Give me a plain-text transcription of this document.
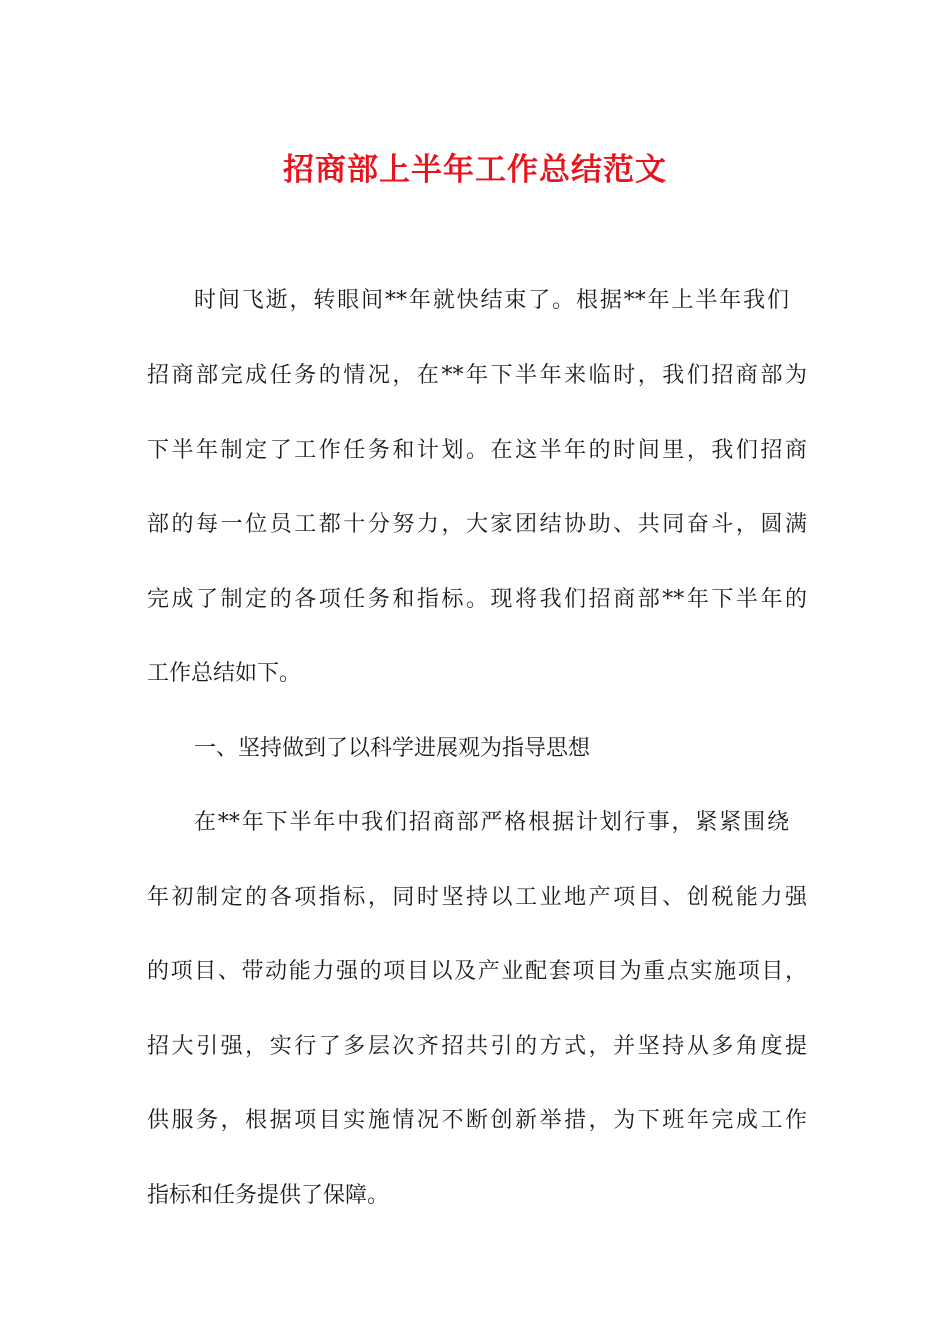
招商部上半年工作总结范文
时间飞逝，转眼间**年就快结束了。根据**年上半年我们
招商部完成任务的情况，在**年下半年来临时，我们招商部为
下半年制定了工作任务和计划。在这半年的时间里，我们招商
部的每一位员工都十分努力，大家团结协助、共同奋斗，圆满
完成了制定的各项任务和指标。现将我们招商部**年下半年的
工作总结如下。
一、坚持做到了以科学进展观为指导思想
在**年下半年中我们招商部严格根据计划行事，紧紧围绕
年初制定的各项指标，同时坚持以工业地产项目、创税能力强
的项目、带动能力强的项目以及产业配套项目为重点实施项目，
招大引强，实行了多层次齐招共引的方式，并坚持从多角度提
供服务，根据项目实施情况不断创新举措，为下班年完成工作
指标和任务提供了保障。
